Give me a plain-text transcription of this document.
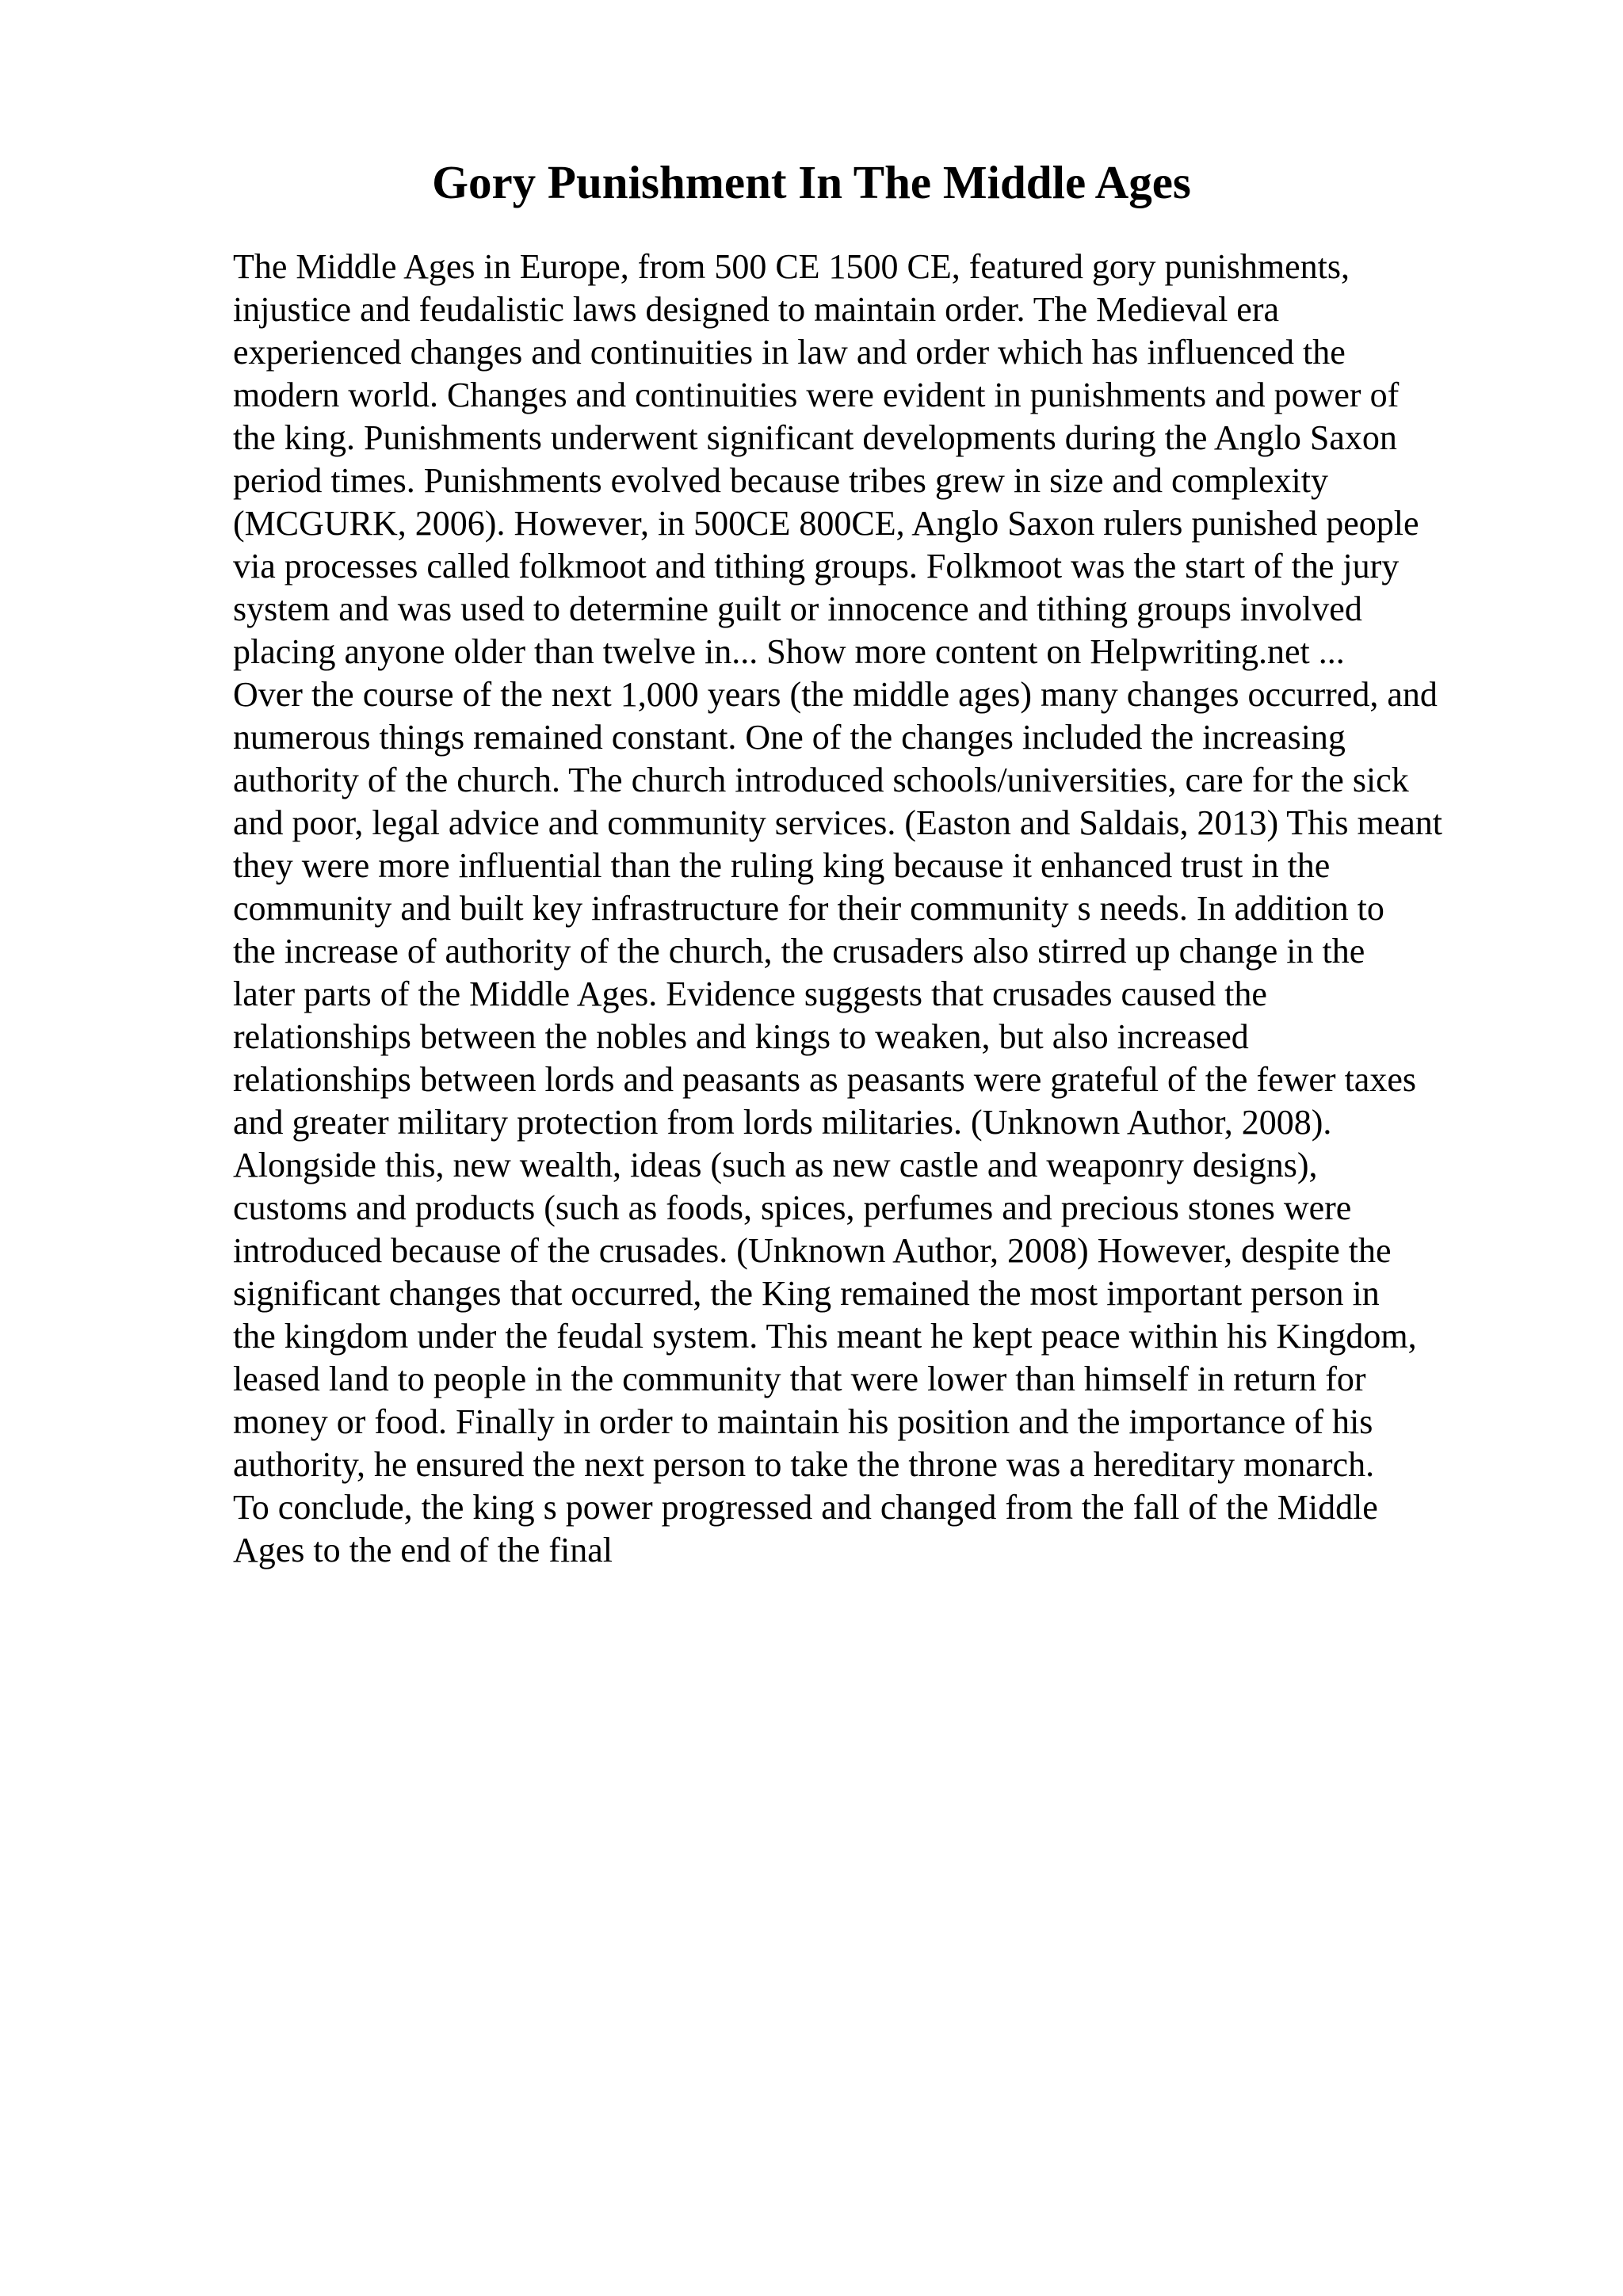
Gory Punishment In The Middle Ages
The Middle Ages in Europe, from 500 CE 1500 CE, featured gory punishments,
injustice and feudalistic laws designed to maintain order. The Medieval era
experienced changes and continuities in law and order which has influenced the
modern world. Changes and continuities were evident in punishments and power of
the king. Punishments underwent significant developments during the Anglo Saxon
period times. Punishments evolved because tribes grew in size and complexity
(MCGURK, 2006). However, in 500CE 800CE, Anglo Saxon rulers punished people
via processes called folkmoot and tithing groups. Folkmoot was the start of the jury
system and was used to determine guilt or innocence and tithing groups involved
placing anyone older than twelve in... Show more content on Helpwriting.net ...
Over the course of the next 1,000 years (the middle ages) many changes occurred, and
numerous things remained constant. One of the changes included the increasing
authority of the church. The church introduced schools/universities, care for the sick
and poor, legal advice and community services. (Easton and Saldais, 2013) This meant
they were more influential than the ruling king because it enhanced trust in the
community and built key infrastructure for their community s needs. In addition to
the increase of authority of the church, the crusaders also stirred up change in the
later parts of the Middle Ages. Evidence suggests that crusades caused the
relationships between the nobles and kings to weaken, but also increased
relationships between lords and peasants as peasants were grateful of the fewer taxes
and greater military protection from lords militaries. (Unknown Author, 2008).
Alongside this, new wealth, ideas (such as new castle and weaponry designs),
customs and products (such as foods, spices, perfumes and precious stones were
introduced because of the crusades. (Unknown Author, 2008) However, despite the
significant changes that occurred, the King remained the most important person in
the kingdom under the feudal system. This meant he kept peace within his Kingdom,
leased land to people in the community that were lower than himself in return for
money or food. Finally in order to maintain his position and the importance of his
authority, he ensured the next person to take the throne was a hereditary monarch.
To conclude, the king s power progressed and changed from the fall of the Middle
Ages to the end of the final
